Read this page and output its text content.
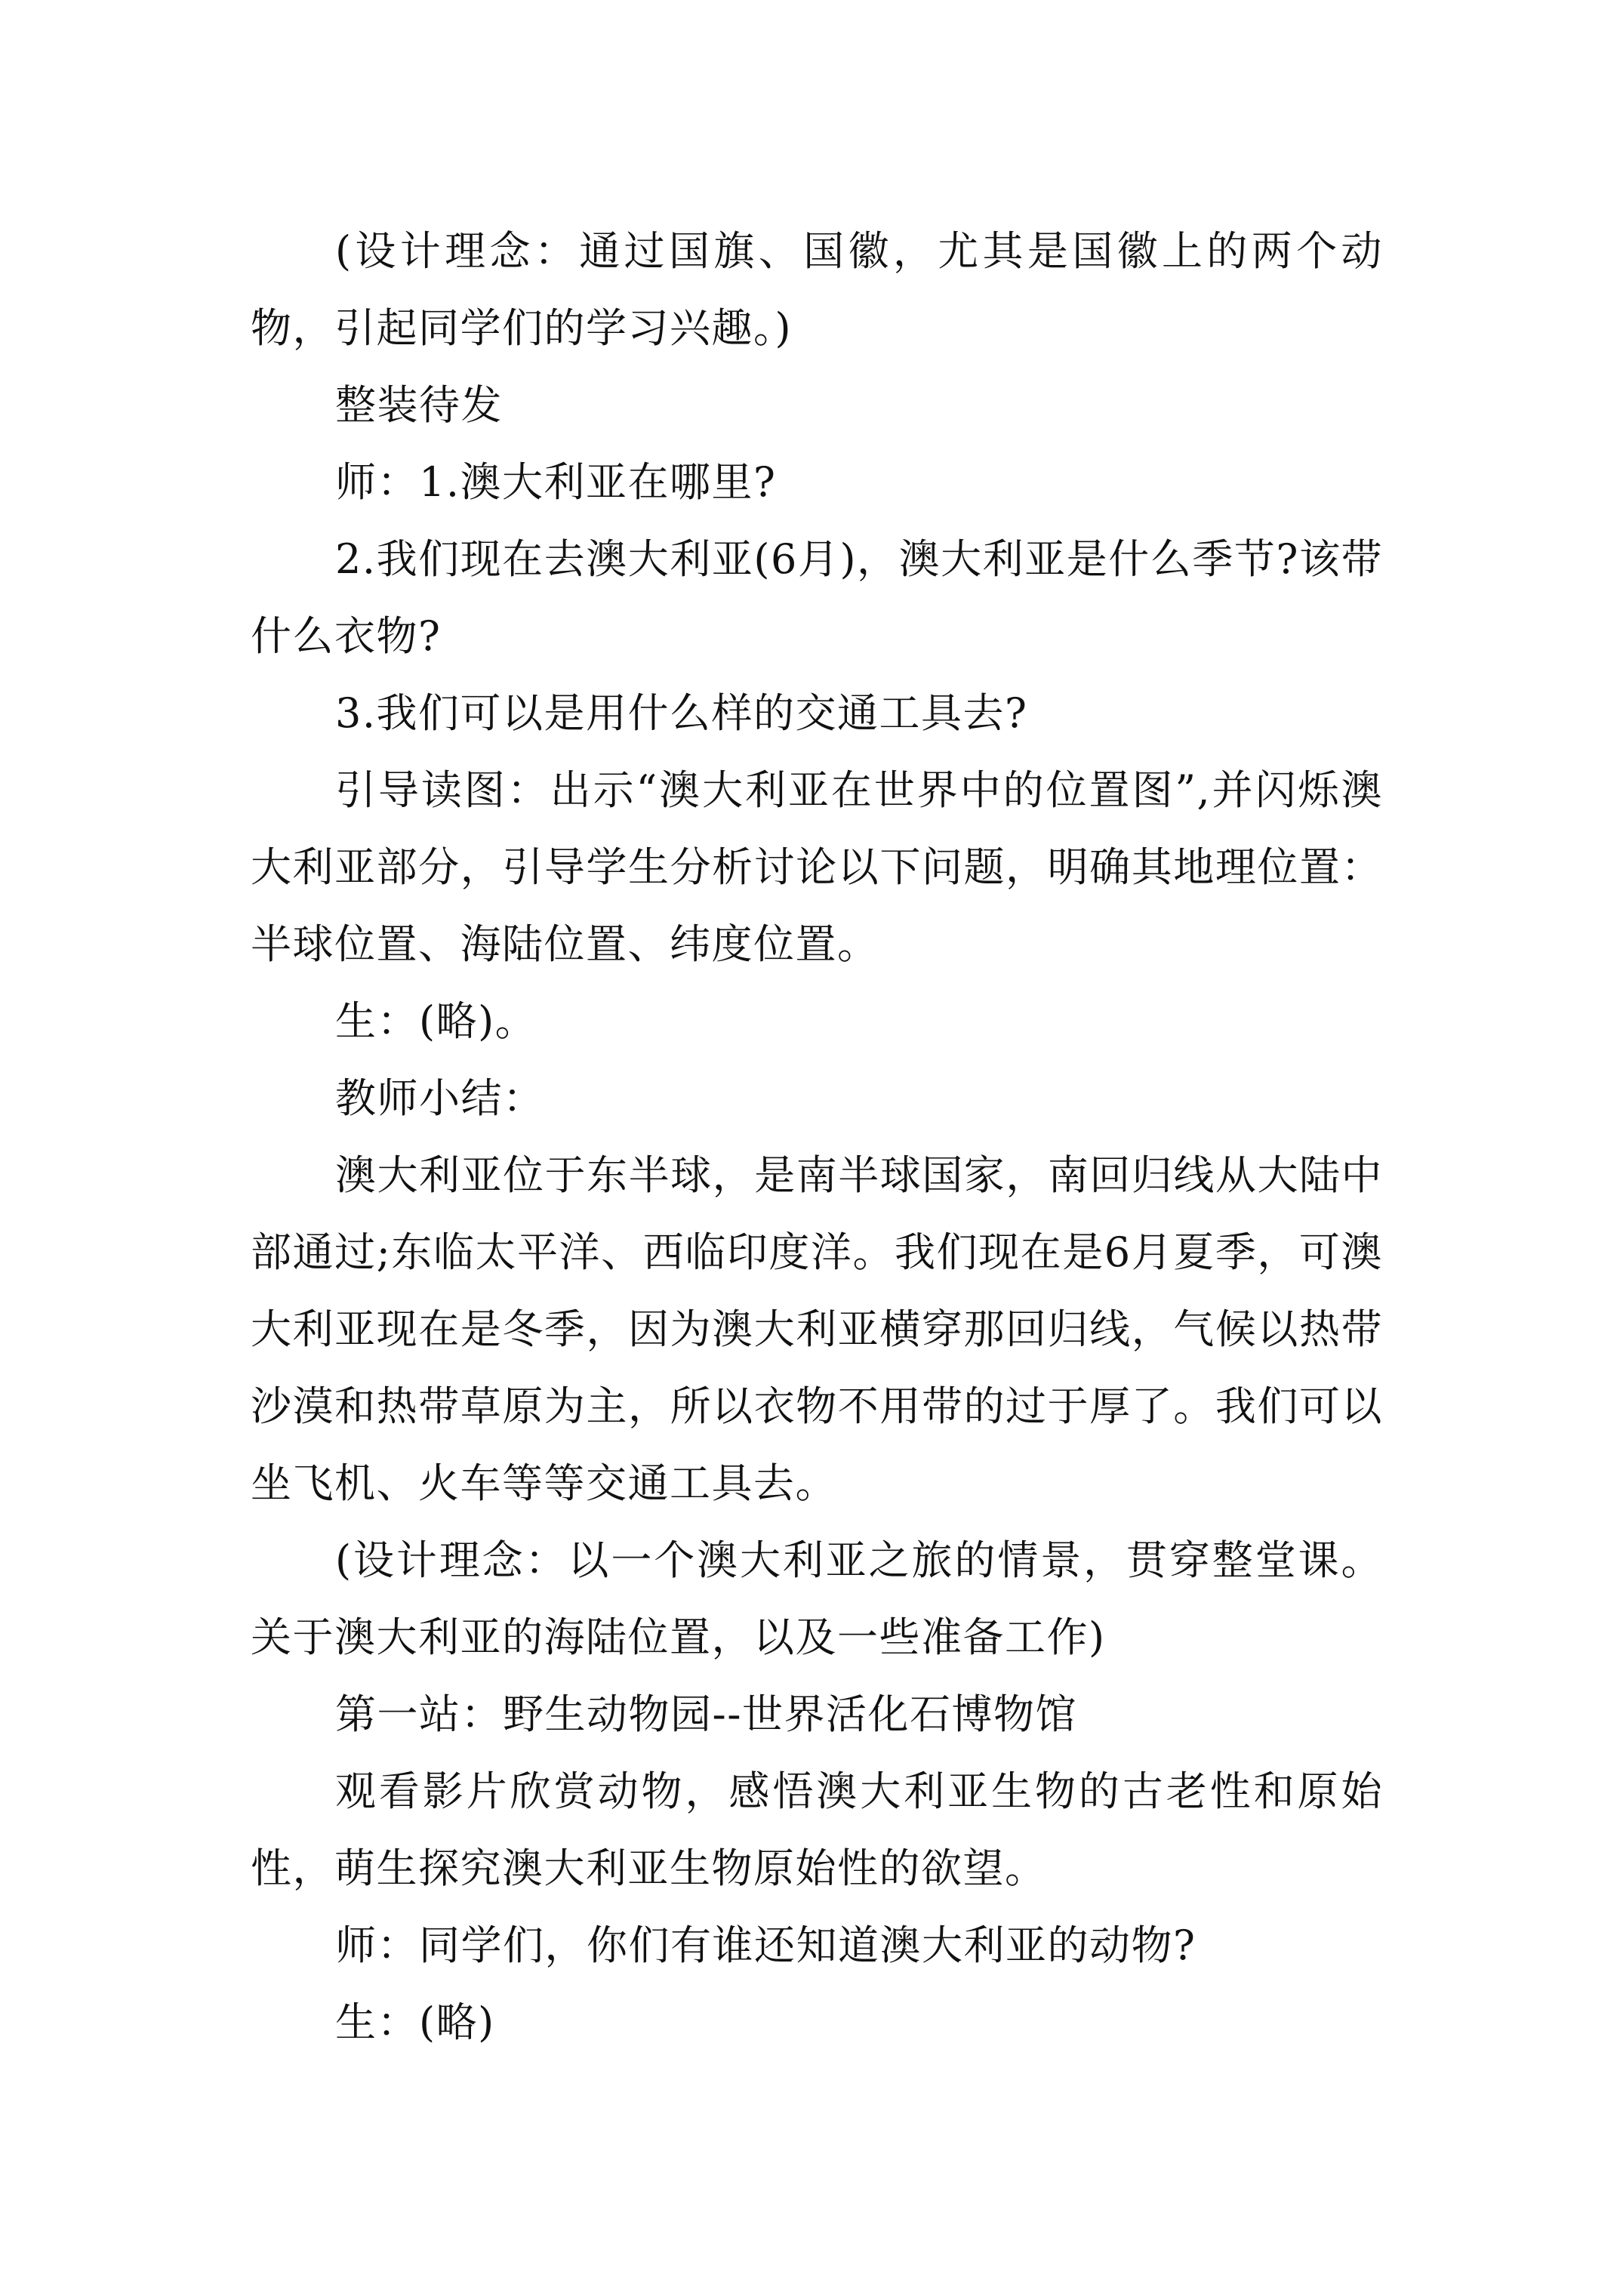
(设计理念：通过国旗、国徽，尤其是国徽上的两个动物，引起同学们的学习兴趣。)

整装待发

师：1.澳大利亚在哪里?

2.我们现在去澳大利亚(6月)，澳大利亚是什么季节?该带什么衣物?

3.我们可以是用什么样的交通工具去?

引导读图：出示“澳大利亚在世界中的位置图”,并闪烁澳大利亚部分，引导学生分析讨论以下问题，明确其地理位置：半球位置、海陆位置、纬度位置。

生：(略)。

教师小结：

澳大利亚位于东半球，是南半球国家，南回归线从大陆中部通过;东临太平洋、西临印度洋。我们现在是6月夏季，可澳大利亚现在是冬季，因为澳大利亚横穿那回归线，气候以热带沙漠和热带草原为主，所以衣物不用带的过于厚了。我们可以坐飞机、火车等等交通工具去。

(设计理念：以一个澳大利亚之旅的情景，贯穿整堂课。关于澳大利亚的海陆位置，以及一些准备工作)

第一站：野生动物园--世界活化石博物馆

观看影片欣赏动物，感悟澳大利亚生物的古老性和原始性，萌生探究澳大利亚生物原始性的欲望。

师：同学们，你们有谁还知道澳大利亚的动物?

生：(略)
